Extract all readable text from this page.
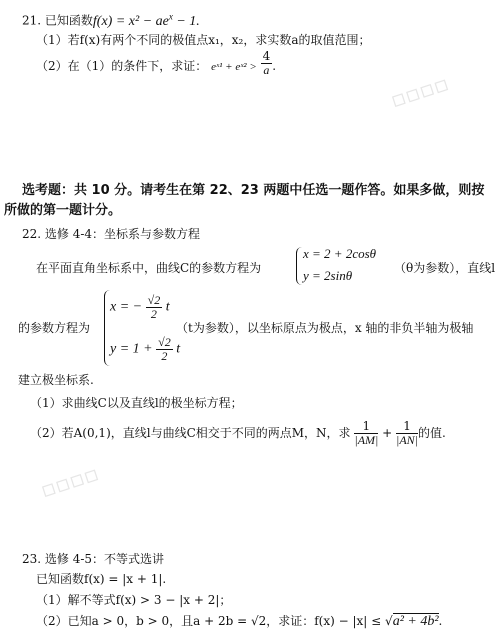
▫▫▫▫
▫▫▫▫
21. 已知函数$f(x) = x^2 - ae^x - 1$.
（1）若f(x)有两个不同的极值点x₁，x₂，求实数a的取值范围；
（2）在（1）的条件下，求证： eˣ¹ + eˣ² > $\frac{4}{a}$ .
选考题：共 10 分。请考生在第 22、23 两题中任选一题作答。如果多做，则按
所做的第一题计分。
22. 选修 4-4：坐标系与参数方程
在平面直角坐标系中，曲线C的参数方程为
x = 2 + 2cosθ
y = 2sinθ	（θ为参数），直线l
的参数方程为
x = − $\frac{√2}{2}$ t
$y = 1 + \frac{√2}{2}$ t
（t为参数），以坐标原点为极点，x 轴的非负半轴为极轴
建立极坐标系.
（1）求曲线C以及直线l的极坐标方程；
（2）若A(0,1)，直线l与曲线C相交于不同的两点M，N，求 $\frac{1}{|AM|} + \frac{1}{|AN|}$ 的值.
23. 选修 4-5：不等式选讲
已知函数f(x) = |x + 1|.
（1）解不等式f(x) > 3 − |x + 2|；
（2）已知a > 0，b > 0，且a + 2b = √2，求证：f(x) − |x| ≤ √a² + 4b².
